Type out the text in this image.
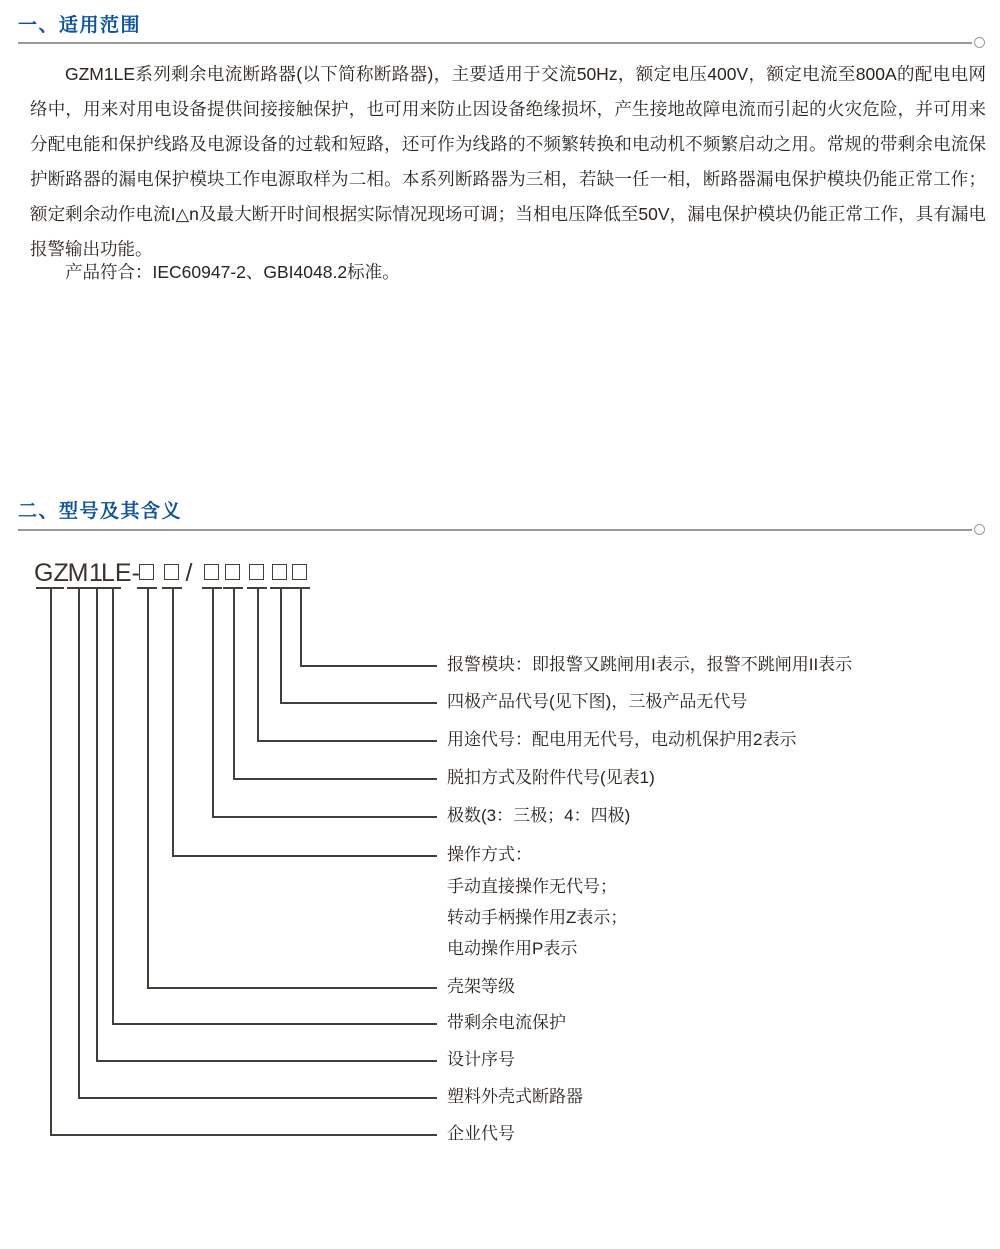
一、适用范围

GZM1LE系列剩余电流断路器(以下简称断路器)，主要适用于交流50Hz，额定电压400V，额定电流至800A的配电电网络中，用来对用电设备提供间接接触保护，也可用来防止因设备绝缘损坏，产生接地故障电流而引起的火灾危险，并可用来分配电能和保护线路及电源设备的过载和短路，还可作为线路的不频繁转换和电动机不频繁启动之用。常规的带剩余电流保护断路器的漏电保护模块工作电源取样为二相。本系列断路器为三相，若缺一任一相，断路器漏电保护模块仍能正常工作；额定剩余动作电流I△n及最大断开时间根据实际情况现场可调；当相电压降低至50V，漏电保护模块仍能正常工作，具有漏电报警输出功能。

产品符合：IEC60947-2、GBI4048.2标准。

二、型号及其含义
GZ
M 1
LE- /

报警模块：即报警又跳闸用I表示，报警不跳闸用II表示

四极产品代号(见下图)，三极产品无代号

用途代号：配电用无代号，电动机保护用2表示

脱扣方式及附件代号(见表1)

极数(3：三极；4：四极)

操作方式：

手动直接操作无代号；

转动手柄操作用Z表示；

电动操作用P表示

壳架等级

带剩余电流保护

设计序号

塑料外壳式断路器

企业代号
